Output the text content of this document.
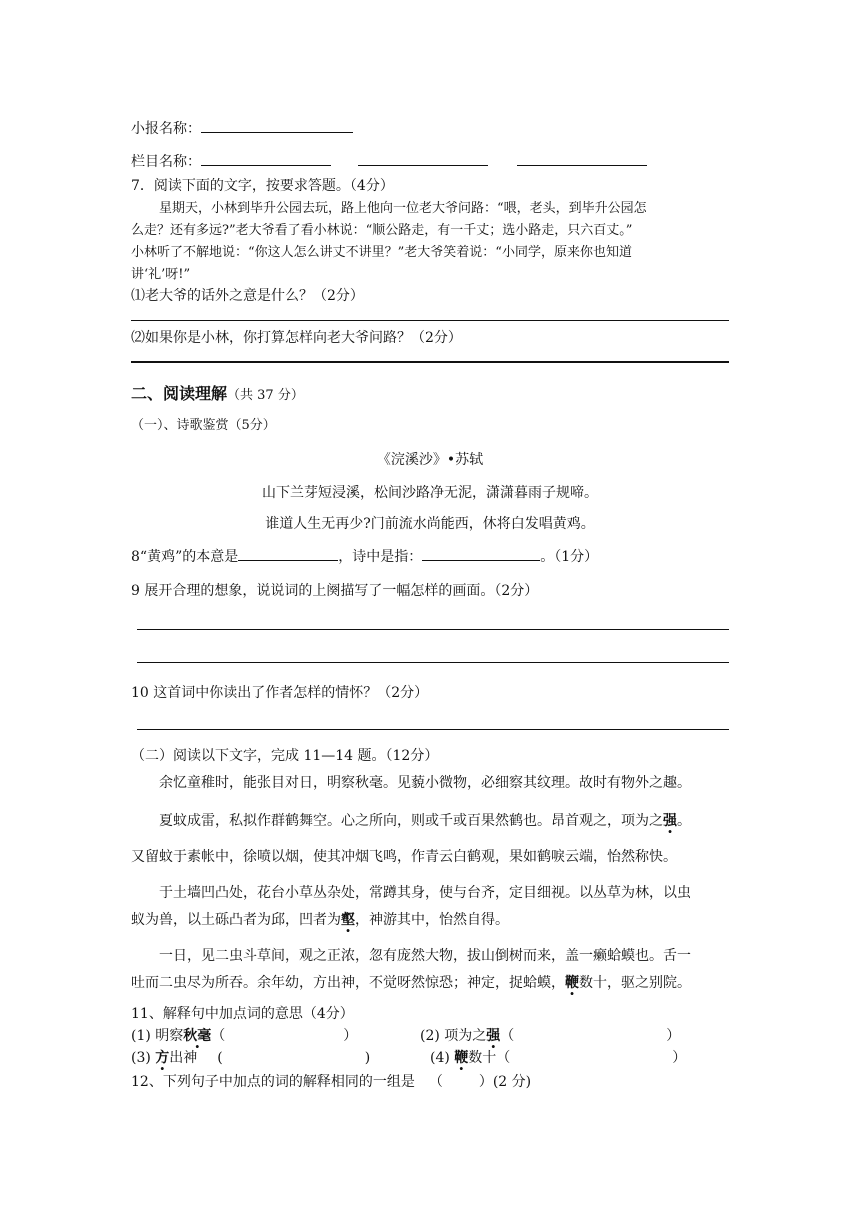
小报名称：
栏目名称：
7．阅读下面的文字，按要求答题。（4分）
星期天，小林到毕升公园去玩，路上他向一位老大爷问路：“喂，老头，到毕升公园怎
么走？还有多远?”老大爷看了看小林说：“顺公路走，有一千丈；选小路走，只六百丈。”
小林听了不解地说：“你这人怎么讲丈不讲里？”老大爷笑着说：“小同学，原来你也知道
讲‘礼’呀!”
⑴老大爷的话外之意是什么？（2分）
⑵如果你是小林，你打算怎样向老大爷问路？（2分）
二、阅读理解（共 37 分）
（一）、诗歌鉴赏（5分）
《浣溪沙》•苏轼
山下兰芽短浸溪，松间沙路净无泥，潇潇暮雨子规啼。
谁道人生无再少?门前流水尚能西，休将白发唱黄鸡。
8“黄鸡”的本意是	，诗中是指：	。（1分）
9 展开合理的想象，说说词的上阕描写了一幅怎样的画面。（2分）
10 这首词中你读出了作者怎样的情怀？（2分）
（二）阅读以下文字，完成 11—14 题。（12分）
余忆童稚时，能张目对日，明察秋毫。见藐小微物，必细察其纹理。故时有物外之趣。
夏蚊成雷，私拟作群鹤舞空。心之所向，则或千或百果然鹤也。昂首观之，项为之强。
又留蚊于素帐中，徐喷以烟，使其冲烟飞鸣，作青云白鹤观，果如鹤唳云端，怡然称快。
于土墙凹凸处，花台小草丛杂处，常蹲其身，使与台齐，定目细视。以丛草为林，以虫
蚁为兽，以土砾凸者为邱，凹者为壑，神游其中，怡然自得。
一日，见二虫斗草间，观之正浓，忽有庞然大物，拔山倒树而来，盖一癞蛤蟆也。舌一
吐而二虫尽为所吞。余年幼，方出神，不觉呀然惊恐；神定，捉蛤蟆，鞭数十，驱之别院。
11、解释句中加点词的意思（4分）
(1) 明察秋毫（	）	(2) 项为之强（	）
(3) 方出神 (	)	(4) 鞭数十（	）
12、下列句子中加点的词的解释相同的一组是 （	）(2 分)
